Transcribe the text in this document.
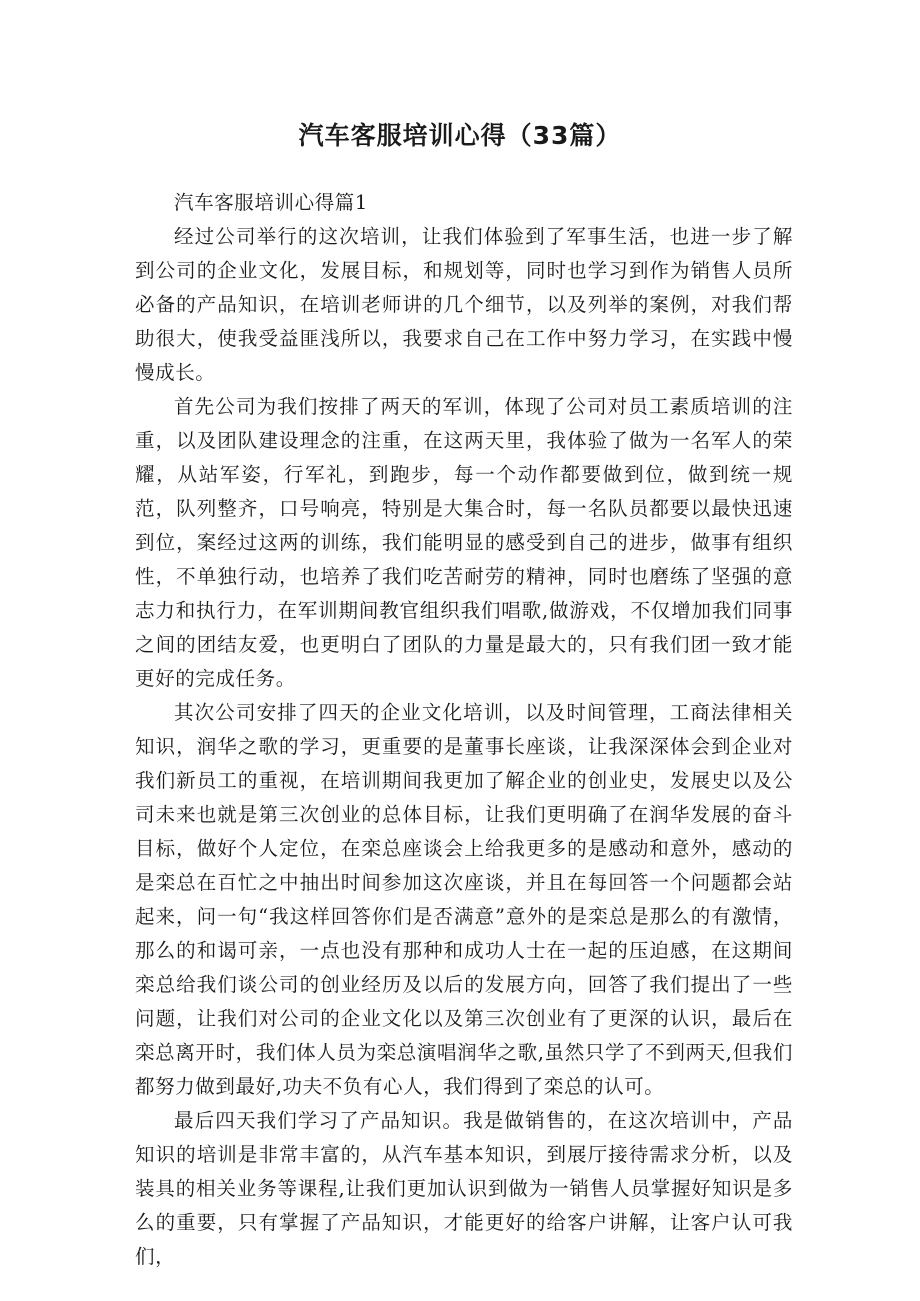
汽车客服培训心得（33篇）

汽车客服培训心得篇1

经过公司举行的这次培训，让我们体验到了军事生活，也进一步了解到公司的企业文化，发展目标，和规划等，同时也学习到作为销售人员所必备的产品知识，在培训老师讲的几个细节，以及列举的案例，对我们帮助很大，使我受益匪浅所以，我要求自己在工作中努力学习，在实践中慢慢成长。

首先公司为我们按排了两天的军训，体现了公司对员工素质培训的注重，以及团队建设理念的注重，在这两天里，我体验了做为一名军人的荣耀，从站军姿，行军礼，到跑步，每一个动作都要做到位，做到统一规范，队列整齐，口号响亮，特别是大集合时，每一名队员都要以最快迅速到位，案经过这两的训练，我们能明显的感受到自己的进步，做事有组织性，不单独行动，也培养了我们吃苦耐劳的精神，同时也磨练了坚强的意志力和执行力，在军训期间教官组织我们唱歌,做游戏，不仅增加我们同事之间的团结友爱，也更明白了团队的力量是最大的，只有我们团一致才能更好的完成任务。

其次公司安排了四天的企业文化培训，以及时间管理，工商法律相关知识，润华之歌的学习，更重要的是董事长座谈，让我深深体会到企业对我们新员工的重视，在培训期间我更加了解企业的创业史，发展史以及公司未来也就是第三次创业的总体目标，让我们更明确了在润华发展的奋斗目标，做好个人定位，在栾总座谈会上给我更多的是感动和意外，感动的是栾总在百忙之中抽出时间参加这次座谈，并且在每回答一个问题都会站起来，问一句“我这样回答你们是否满意”意外的是栾总是那么的有激情，那么的和谒可亲，一点也没有那种和成功人士在一起的压迫感，在这期间栾总给我们谈公司的创业经历及以后的发展方向，回答了我们提出了一些问题，让我们对公司的企业文化以及第三次创业有了更深的认识，最后在栾总离开时，我们体人员为栾总演唱润华之歌,虽然只学了不到两天,但我们都努力做到最好,功夫不负有心人，我们得到了栾总的认可。

最后四天我们学习了产品知识。我是做销售的，在这次培训中，产品知识的培训是非常丰富的，从汽车基本知识，到展厅接待需求分析，以及装具的相关业务等课程,让我们更加认识到做为一销售人员掌握好知识是多么的重要，只有掌握了产品知识，才能更好的给客户讲解，让客户认可我们，
